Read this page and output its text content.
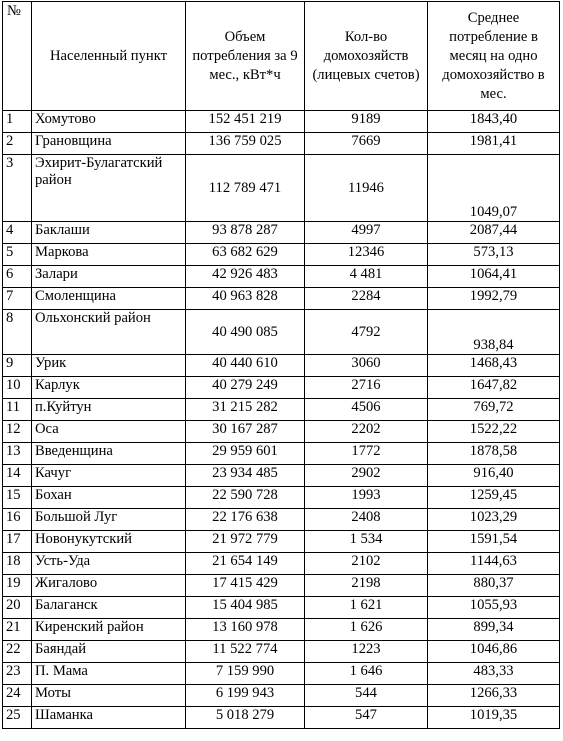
№	Населенный пункт	Объем потребления за 9 мес., кВт*ч	Кол-во домохозяйств (лицевых счетов)	Среднее потребление в месяц на одно домохозяйство в мес.
1	Хомутово	152 451 219	9189	1843,40
2	Грановщина	136 759 025	7669	1981,41
3	Эхирит-Булагатский район	112 789 471	11946	1049,07
4	Баклаши	93 878 287	4997	2087,44
5	Маркова	63 682 629	12346	573,13
6	Залари	42 926 483	4 481	1064,41
7	Смоленщина	40 963 828	2284	1992,79
8	Ольхонский район	40 490 085	4792	938,84
9	Урик	40 440 610	3060	1468,43
10	Карлук	40 279 249	2716	1647,82
11	п.Куйтун	31 215 282	4506	769,72
12	Оса	30 167 287	2202	1522,22
13	Введенщина	29 959 601	1772	1878,58
14	Качуг	23 934 485	2902	916,40
15	Бохан	22 590 728	1993	1259,45
16	Большой Луг	22 176 638	2408	1023,29
17	Новонукутский	21 972 779	1 534	1591,54
18	Усть-Уда	21 654 149	2102	1144,63
19	Жигалово	17 415 429	2198	880,37
20	Балаганск	15 404 985	1 621	1055,93
21	Киренский район	13 160 978	1 626	899,34
22	Баяндай	11 522 774	1223	1046,86
23	П. Мама	7 159 990	1 646	483,33
24	Моты	6 199 943	544	1266,33
25	Шаманка	5 018 279	547	1019,35
